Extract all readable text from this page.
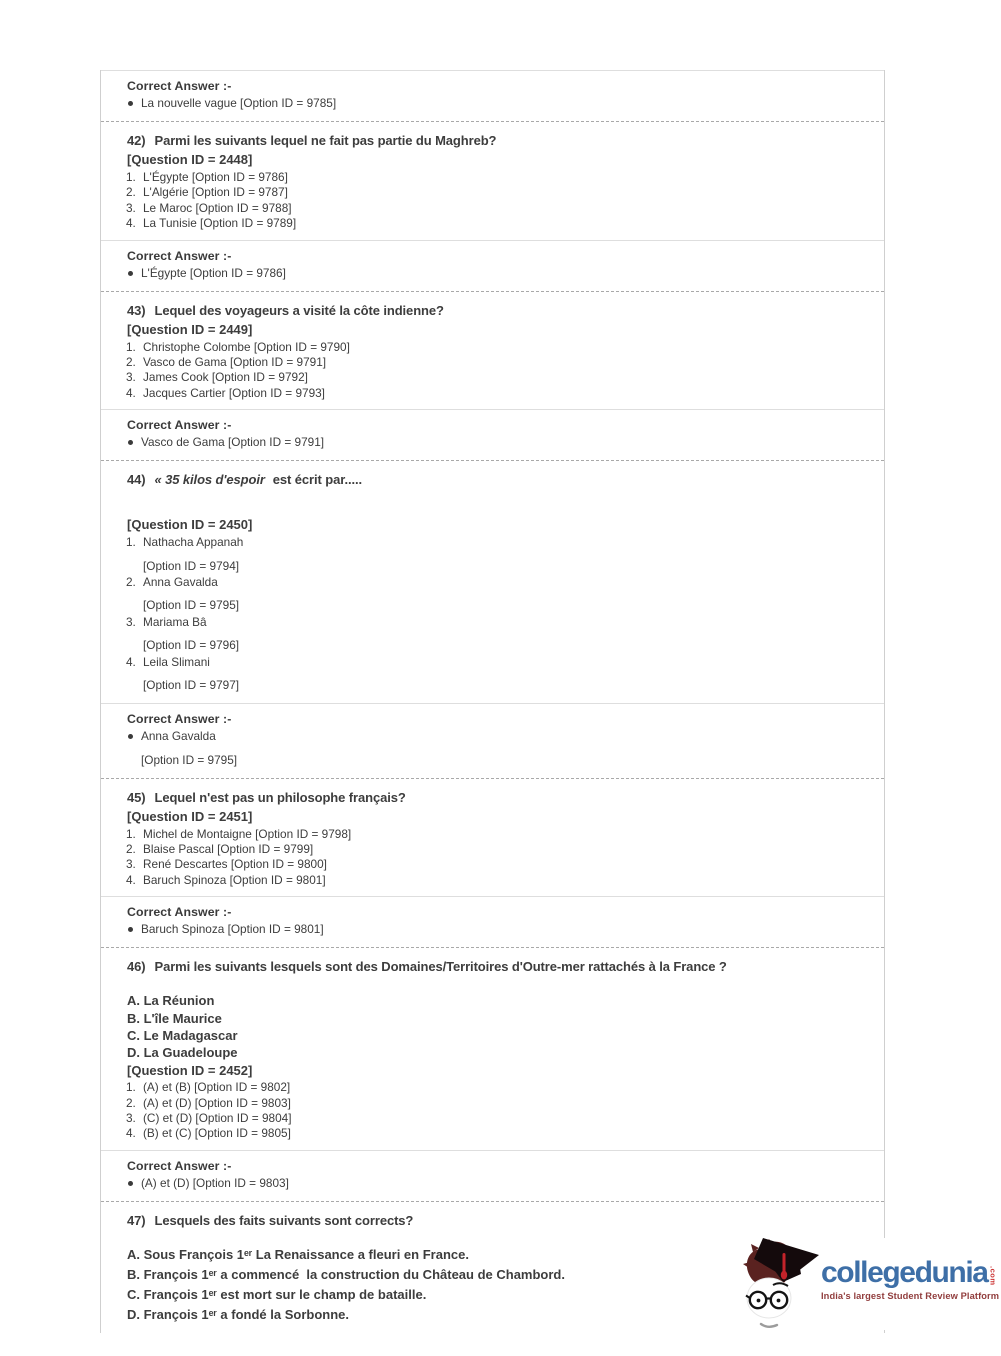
Correct Answer :-
La nouvelle vague [Option ID = 9785]
42) Parmi les suivants lequel ne fait pas partie du Maghreb?
[Question ID = 2448]
1. L'Égypte [Option ID = 9786]
2. L'Algérie [Option ID = 9787]
3. Le Maroc [Option ID = 9788]
4. La Tunisie [Option ID = 9789]
Correct Answer :-
L'Égypte [Option ID = 9786]
43) Lequel des voyageurs a visité la côte indienne?
[Question ID = 2449]
1. Christophe Colombe [Option ID = 9790]
2. Vasco de Gama [Option ID = 9791]
3. James Cook [Option ID = 9792]
4. Jacques Cartier [Option ID = 9793]
Correct Answer :-
Vasco de Gama [Option ID = 9791]
44) « 35 kilos d'espoir est écrit par.....
[Question ID = 2450]
1. Nathacha Appanah
[Option ID = 9794]
2. Anna Gavalda
[Option ID = 9795]
3. Mariama Bâ
[Option ID = 9796]
4. Leila Slimani
[Option ID = 9797]
Correct Answer :-
Anna Gavalda
[Option ID = 9795]
45) Lequel n'est pas un philosophe français?
[Question ID = 2451]
1. Michel de Montaigne [Option ID = 9798]
2. Blaise Pascal [Option ID = 9799]
3. René Descartes [Option ID = 9800]
4. Baruch Spinoza [Option ID = 9801]
Correct Answer :-
Baruch Spinoza [Option ID = 9801]
46) Parmi les suivants lesquels sont des Domaines/Territoires d'Outre-mer rattachés à la France ?
A. La Réunion
B. L'île Maurice
C. Le Madagascar
D. La Guadeloupe
[Question ID = 2452]
1. (A) et (B) [Option ID = 9802]
2. (A) et (D) [Option ID = 9803]
3. (C) et (D) [Option ID = 9804]
4. (B) et (C) [Option ID = 9805]
Correct Answer :-
(A) et (D) [Option ID = 9803]
47) Lesquels des faits suivants sont corrects?
A. Sous François 1ᵉʳ La Renaissance a fleuri en France.
B. François 1ᵉʳ a commencé  la construction du Château de Chambord.
C. François 1ᵉʳ est mort sur le champ de bataille.
D. François 1ᵉʳ a fondé la Sorbonne.
collegedunia .com
India's largest Student Review Platform
